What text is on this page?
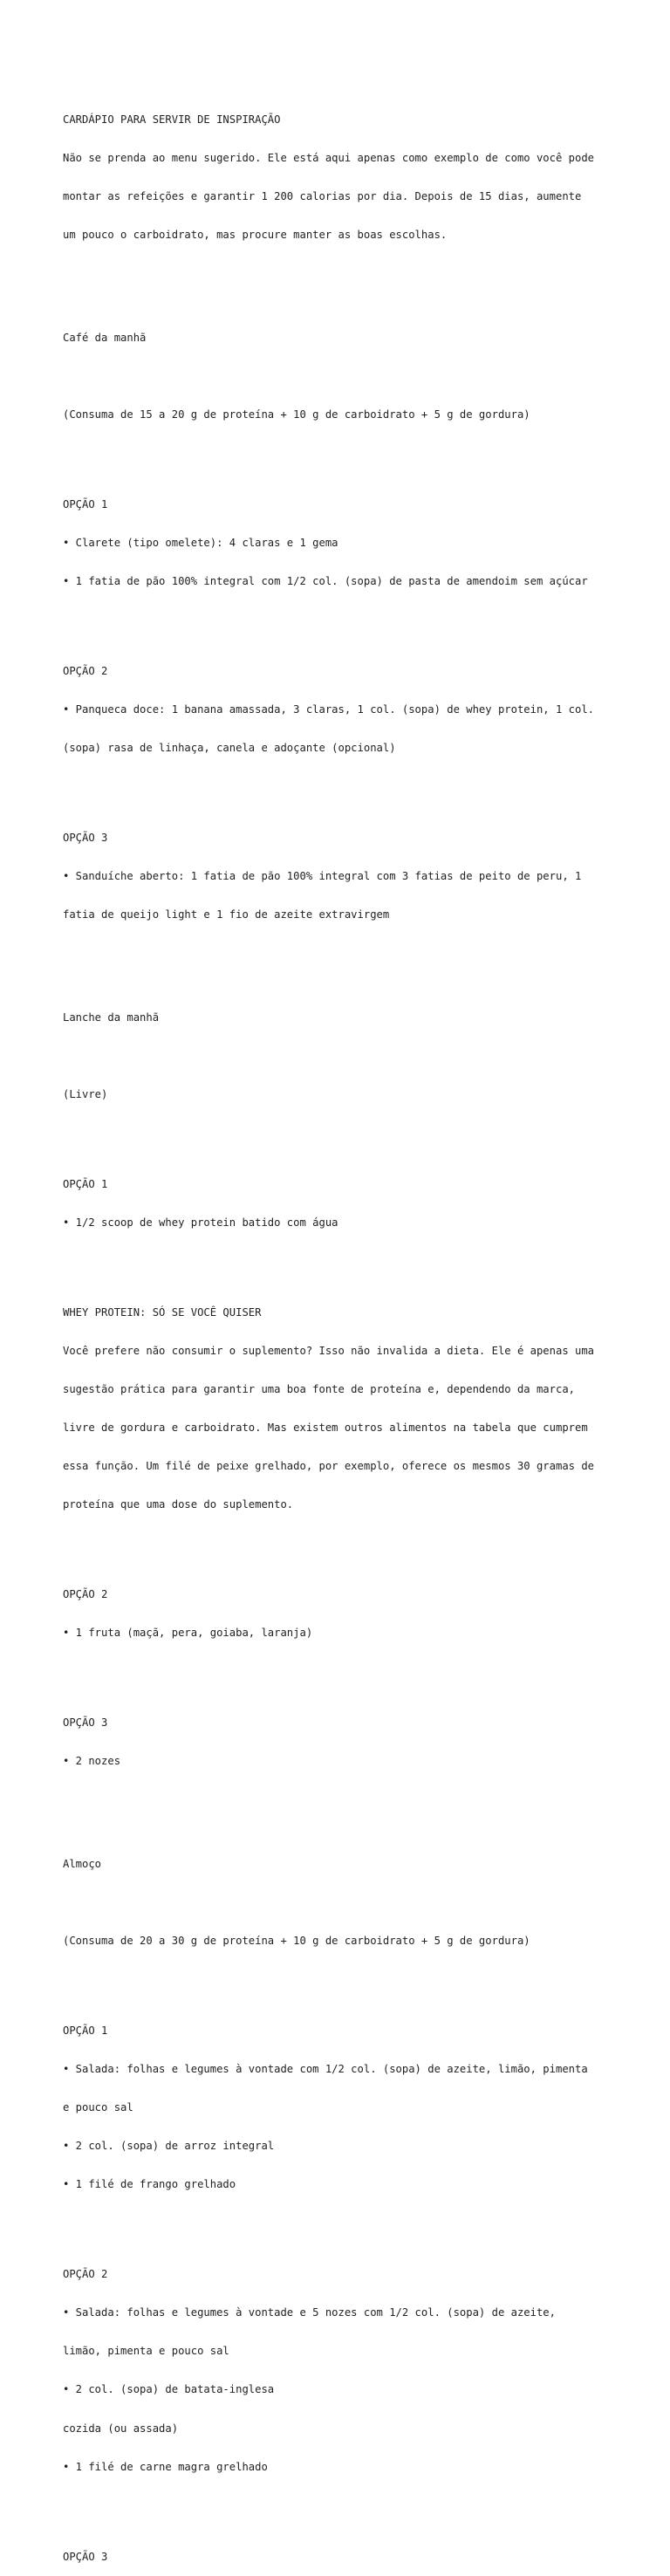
CARDÁPIO PARA SERVIR DE INSPIRAÇÃO

Não se prenda ao menu sugerido. Ele está aqui apenas como exemplo de como você pode

montar as refeições e garantir 1 200 calorias por dia. Depois de 15 dias, aumente

um pouco o carboidrato, mas procure manter as boas escolhas.

Café da manhã

(Consuma de 15 a 20 g de proteína + 10 g de carboidrato + 5 g de gordura)

OPÇÃO 1

• Clarete (tipo omelete): 4 claras e 1 gema

• 1 fatia de pão 100% integral com 1/2 col. (sopa) de pasta de amendoim sem açúcar

OPÇÃO 2

• Panqueca doce: 1 banana amassada, 3 claras, 1 col. (sopa) de whey protein, 1 col.

(sopa) rasa de linhaça, canela e adoçante (opcional)

OPÇÃO 3

• Sanduíche aberto: 1 fatia de pão 100% integral com 3 fatias de peito de peru, 1

fatia de queijo light e 1 fio de azeite extravirgem

Lanche da manhã

(Livre)

OPÇÃO 1

• 1/2 scoop de whey protein batido com água

WHEY PROTEIN: SÓ SE VOCÊ QUISER

Você prefere não consumir o suplemento? Isso não invalida a dieta. Ele é apenas uma

sugestão prática para garantir uma boa fonte de proteína e, dependendo da marca,

livre de gordura e carboidrato. Mas existem outros alimentos na tabela que cumprem

essa função. Um filé de peixe grelhado, por exemplo, oferece os mesmos 30 gramas de

proteína que uma dose do suplemento.

OPÇÃO 2

• 1 fruta (maçã, pera, goiaba, laranja)

OPÇÃO 3

• 2 nozes

Almoço

(Consuma de 20 a 30 g de proteína + 10 g de carboidrato + 5 g de gordura)

OPÇÃO 1

• Salada: folhas e legumes à vontade com 1/2 col. (sopa) de azeite, limão, pimenta

e pouco sal

• 2 col. (sopa) de arroz integral

• 1 filé de frango grelhado

OPÇÃO 2

• Salada: folhas e legumes à vontade e 5 nozes com 1/2 col. (sopa) de azeite,

limão, pimenta e pouco sal

• 2 col. (sopa) de batata-inglesa

cozida (ou assada)

• 1 filé de carne magra grelhado

OPÇÃO 3
